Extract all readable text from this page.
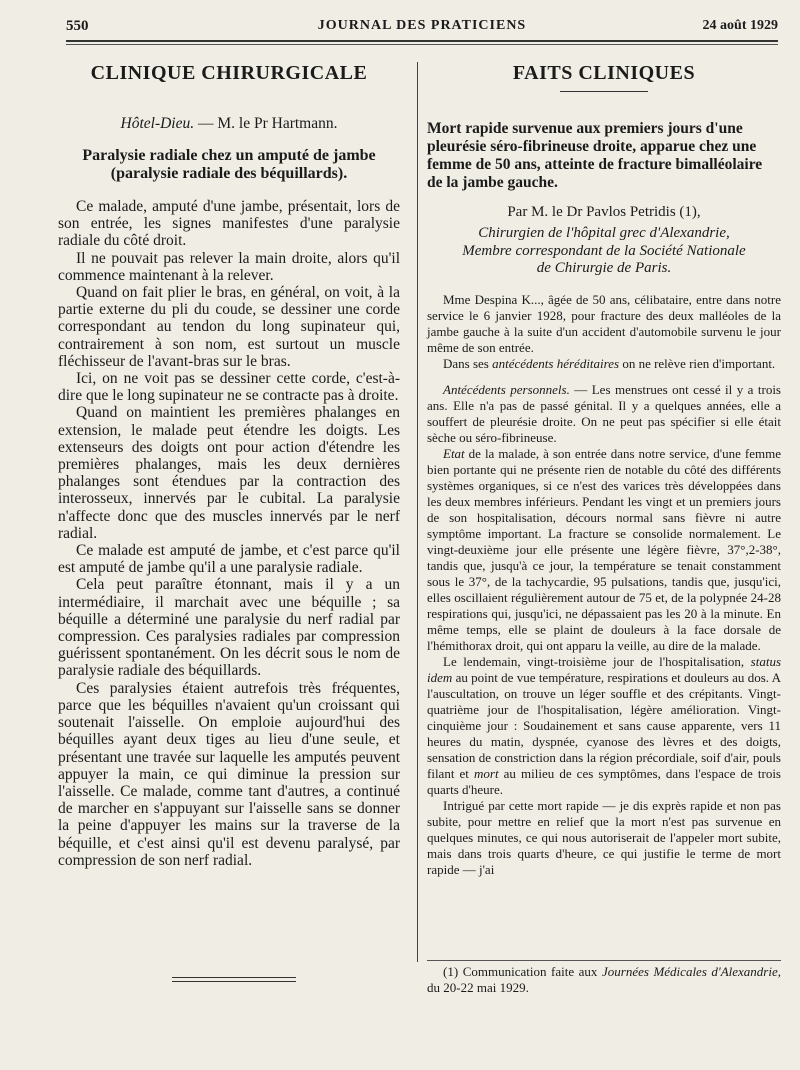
550	JOURNAL DES PRATICIENS	24 août 1929
CLINIQUE CHIRURGICALE
Hôtel-Dieu. — M. le Pr Hartmann.
Paralysie radiale chez un amputé de jambe
(paralysie radiale des béquillards).

Ce malade, amputé d'une jambe, présentait, lors de son entrée, les signes manifestes d'une paralysie radiale du côté droit.

Il ne pouvait pas relever la main droite, alors qu'il commence maintenant à la relever.

Quand on fait plier le bras, en général, on voit, à la partie externe du pli du coude, se dessiner une corde correspondant au tendon du long supinateur qui, contrairement à son nom, est surtout un muscle fléchisseur de l'avant-bras sur le bras.

Ici, on ne voit pas se dessiner cette corde, c'est-à-dire que le long supinateur ne se contracte pas à droite.

Quand on maintient les premières phalanges en extension, le malade peut étendre les doigts. Les extenseurs des doigts ont pour action d'étendre les premières phalanges, mais les deux dernières phalanges sont étendues par la contraction des interosseux, innervés par le cubital. La paralysie n'affecte donc que des muscles innervés par le nerf radial.

Ce malade est amputé de jambe, et c'est parce qu'il est amputé de jambe qu'il a une paralysie radiale.

Cela peut paraître étonnant, mais il y a un intermédiaire, il marchait avec une béquille ; sa béquille a déterminé une paralysie du nerf radial par compression. Ces paralysies radiales par compression guérissent spontanément. On les décrit sous le nom de paralysie radiale des béquillards.

Ces paralysies étaient autrefois très fréquentes, parce que les béquilles n'avaient qu'un croissant qui soutenait l'aisselle. On emploie aujourd'hui des béquilles ayant deux tiges au lieu d'une seule, et présentant une travée sur laquelle les amputés peuvent appuyer la main, ce qui diminue la pression sur l'aisselle. Ce malade, comme tant d'autres, a continué de marcher en s'appuyant sur l'aisselle sans se donner la peine d'appuyer les mains sur la traverse de la béquille, et c'est ainsi qu'il est devenu paralysé, par compression de son nerf radial.

FAITS CLINIQUES
Mort rapide survenue aux premiers jours d'une pleurésie séro-fibrineuse droite, apparue chez une femme de 50 ans, atteinte de fracture bimalléolaire de la jambe gauche.
Par M. le Dr Pavlos Petridis (1),
Chirurgien de l'hôpital grec d'Alexandrie,
Membre correspondant de la Société Nationale
de Chirurgie de Paris.

Mme Despina K..., âgée de 50 ans, célibataire, entre dans notre service le 6 janvier 1928, pour fracture des deux malléoles de la jambe gauche à la suite d'un accident d'automobile survenu le jour même de son entrée.

Dans ses antécédents héréditaires on ne relève rien d'important.

Antécédents personnels. — Les menstrues ont cessé il y a trois ans. Elle n'a pas de passé génital. Il y a quelques années, elle a souffert de pleurésie droite. On ne peut pas spécifier si elle était sèche ou séro-fibrineuse.

Etat de la malade, à son entrée dans notre service, d'une femme bien portante qui ne présente rien de notable du côté des différents systèmes organiques, si ce n'est des varices très développées dans les deux membres inférieurs. Pendant les vingt et un premiers jours de son hospitalisation, décours normal sans fièvre ni autre symptôme important. La fracture se consolide normalement. Le vingt-deuxième jour elle présente une légère fièvre, 37°,2-38°, tandis que, jusqu'à ce jour, la température se tenait constamment sous le 37°, de la tachycardie, 95 pulsations, tandis que, jusqu'ici, elles oscillaient régulièrement autour de 75 et, de la polypnée 24-28 respirations qui, jusqu'ici, ne dépassaient pas les 20 à la minute. En même temps, elle se plaint de douleurs à la face dorsale de l'hémithorax droit, qui ont apparu la veille, au dire de la malade.

Le lendemain, vingt-troisième jour de l'hospitalisation, status idem au point de vue température, respirations et douleurs au dos. A l'auscultation, on trouve un léger souffle et des crépitants. Vingt-quatrième jour de l'hospitalisation, légère amélioration. Vingt-cinquième jour : Soudainement et sans cause apparente, vers 11 heures du matin, dyspnée, cyanose des lèvres et des doigts, sensation de constriction dans la région précordiale, soif d'air, pouls filant et mort au milieu de ces symptômes, dans l'espace de trois quarts d'heure.

Intrigué par cette mort rapide — je dis exprès rapide et non pas subite, pour mettre en relief que la mort n'est pas survenue en quelques minutes, ce qui nous autoriserait de l'appeler mort subite, mais dans trois quarts d'heure, ce qui justifie le terme de mort rapide — j'ai

(1) Communication faite aux Journées Médicales d'Alexandrie, du 20-22 mai 1929.
